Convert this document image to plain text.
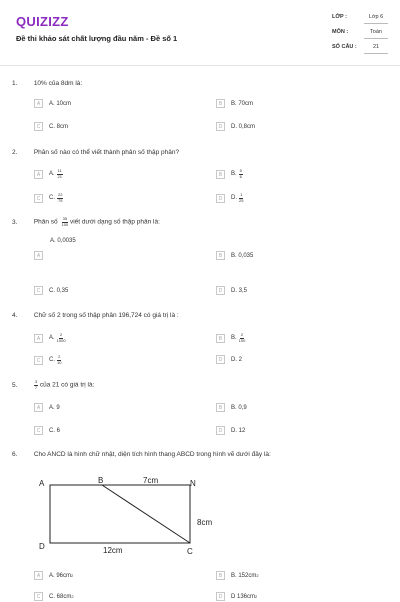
QUIZIZZ
Đề thi khảo sát chất lượng đầu năm - Đề số 1
LỚP :	Lớp 6
MÔN :	Toán
SỐ CÂU :	21
1.	10% của 8dm là:
A	A. 10cm	B	B. 70cm
C	C. 8cm	D	D. 0,8cm
2.	Phân số nào có thể viết thành phân số thập phân?
A	A. $\frac{11}{21}$	B	B. $\frac{5}{6}$
C	C. $\frac{22}{75}$	D	D. $\frac{1}{25}$
3.	Phân số $\frac{35}{100}$ viết dưới dạng số thập phân là:
A. 0,0035
A	B	B. 0,035
C	C. 0,35	D	D. 3,5
4.	Chữ số 2 trong số thập phân 196,724 có giá trị là :
A	A. $\frac{2}{1000}$	B	B. $\frac{2}{100}$
C	C. $\frac{2}{10}$	D	D. 2
5.	$\frac{3}{7}$ của 21 có giá trị là:
A	A. 9	B	B. 0,9
C	C. 6	D	D. 12
6.	Cho ANCD là hình chữ nhật, diện tích hình thang ABCD trong hình vẽ dưới đây là:
A	B	N
C
D
7cm
8cm
12cm
A	A. 96cm 2	B	B. 152cm 2
C	C. 68cm 2	D	D 136cm 2
